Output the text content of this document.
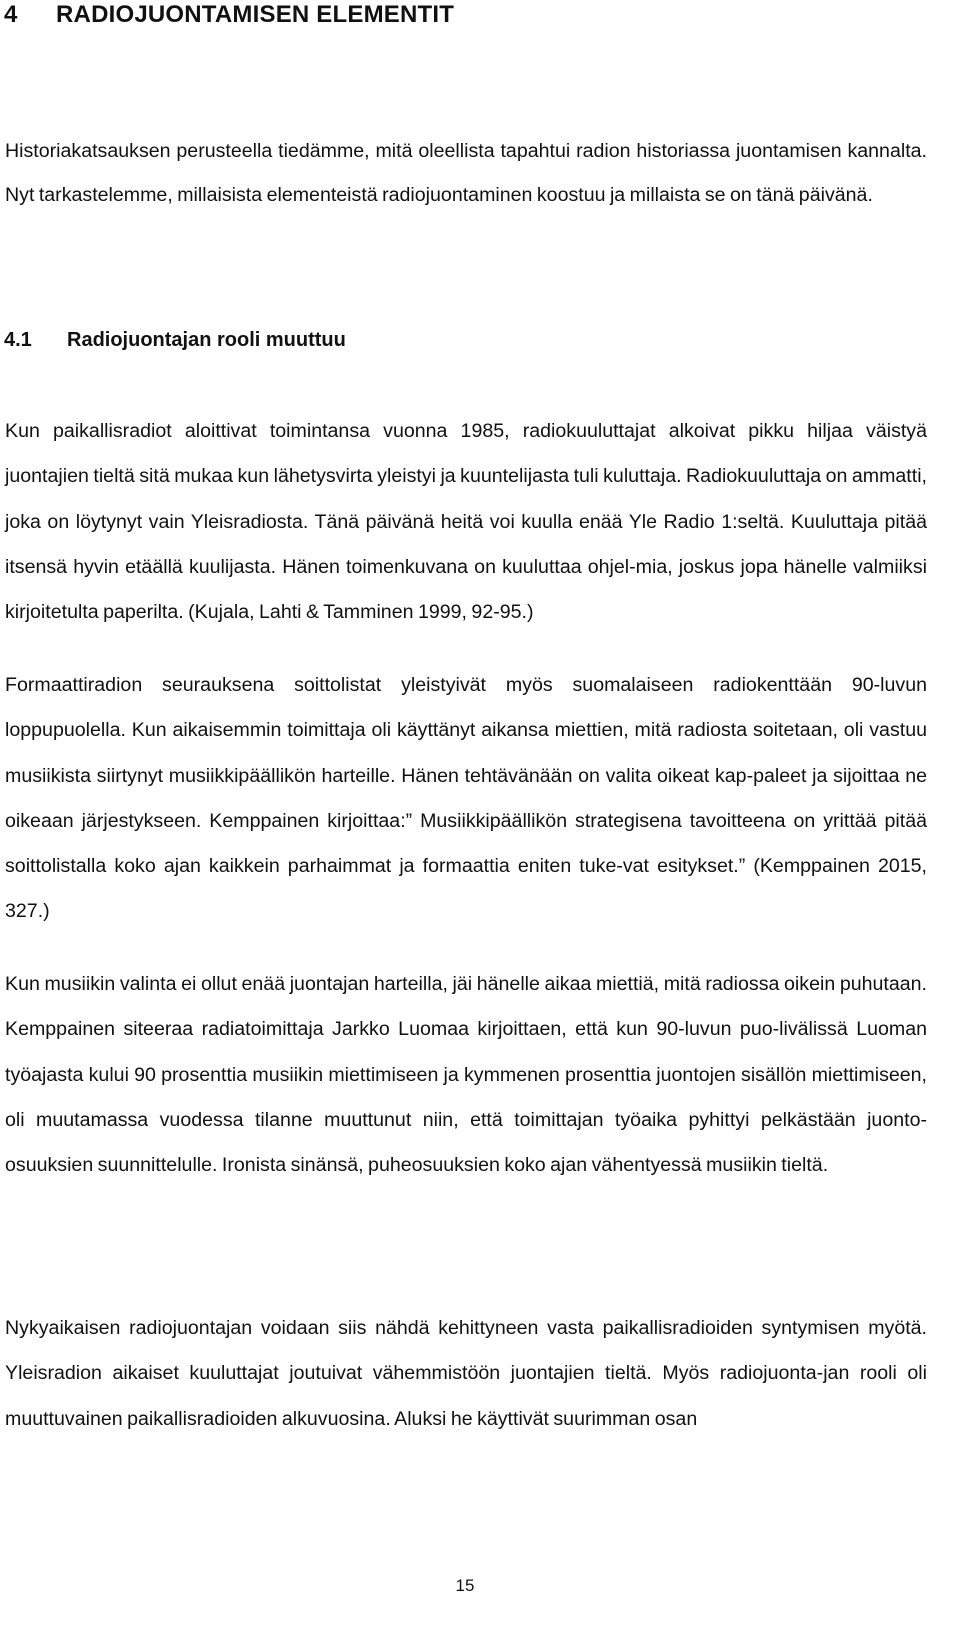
4 RADIOJUONTAMISEN ELEMENTIT

Historiakatsauksen perusteella tiedämme, mitä oleellista tapahtui radion historiassa juontamisen kannalta. Nyt tarkastelemme, millaisista elementeistä radiojuontaminen koostuu ja millaista se on tänä päivänä.

4.1 Radiojuontajan rooli muuttuu

Kun paikallisradiot aloittivat toimintansa vuonna 1985, radiokuuluttajat alkoivat pikku hiljaa väistyä juontajien tieltä sitä mukaa kun lähetysvirta yleistyi ja kuuntelijasta tuli kuluttaja. Radiokuuluttaja on ammatti, joka on löytynyt vain Yleisradiosta. Tänä päivänä heitä voi kuulla enää Yle Radio 1:seltä. Kuuluttaja pitää itsensä hyvin etäällä kuulijasta. Hänen toimenkuvana on kuuluttaa ohjel-mia, joskus jopa hänelle valmiiksi kirjoitetulta paperilta. (Kujala, Lahti & Tamminen 1999, 92-95.)

Formaattiradion seurauksena soittolistat yleistyivät myös suomalaiseen radiokenttään 90-luvun loppupuolella. Kun aikaisemmin toimittaja oli käyttänyt aikansa miettien, mitä radiosta soitetaan, oli vastuu musiikista siirtynyt musiikkipäällikön harteille. Hänen tehtävänään on valita oikeat kap-paleet ja sijoittaa ne oikeaan järjestykseen. Kemppainen kirjoittaa:” Musiikkipäällikön strategisena tavoitteena on yrittää pitää soittolistalla koko ajan kaikkein parhaimmat ja formaattia eniten tuke-vat esitykset.” (Kemppainen 2015, 327.)

Kun musiikin valinta ei ollut enää juontajan harteilla, jäi hänelle aikaa miettiä, mitä radiossa oikein puhutaan. Kemppainen siteeraa radiatoimittaja Jarkko Luomaa kirjoittaen, että kun 90-luvun puo-livälissä Luoman työajasta kului 90 prosenttia musiikin miettimiseen ja kymmenen prosenttia juontojen sisällön miettimiseen, oli muutamassa vuodessa tilanne muuttunut niin, että toimittajan työaika pyhittyi pelkästään juonto-osuuksien suunnittelulle. Ironista sinänsä, puheosuuksien koko ajan vähentyessä musiikin tieltä.

Nykyaikaisen radiojuontajan voidaan siis nähdä kehittyneen vasta paikallisradioiden syntymisen myötä. Yleisradion aikaiset kuuluttajat joutuivat vähemmistöön juontajien tieltä. Myös radiojuonta-jan rooli oli muuttuvainen paikallisradioiden alkuvuosina. Aluksi he käyttivät suurimman osan

15
